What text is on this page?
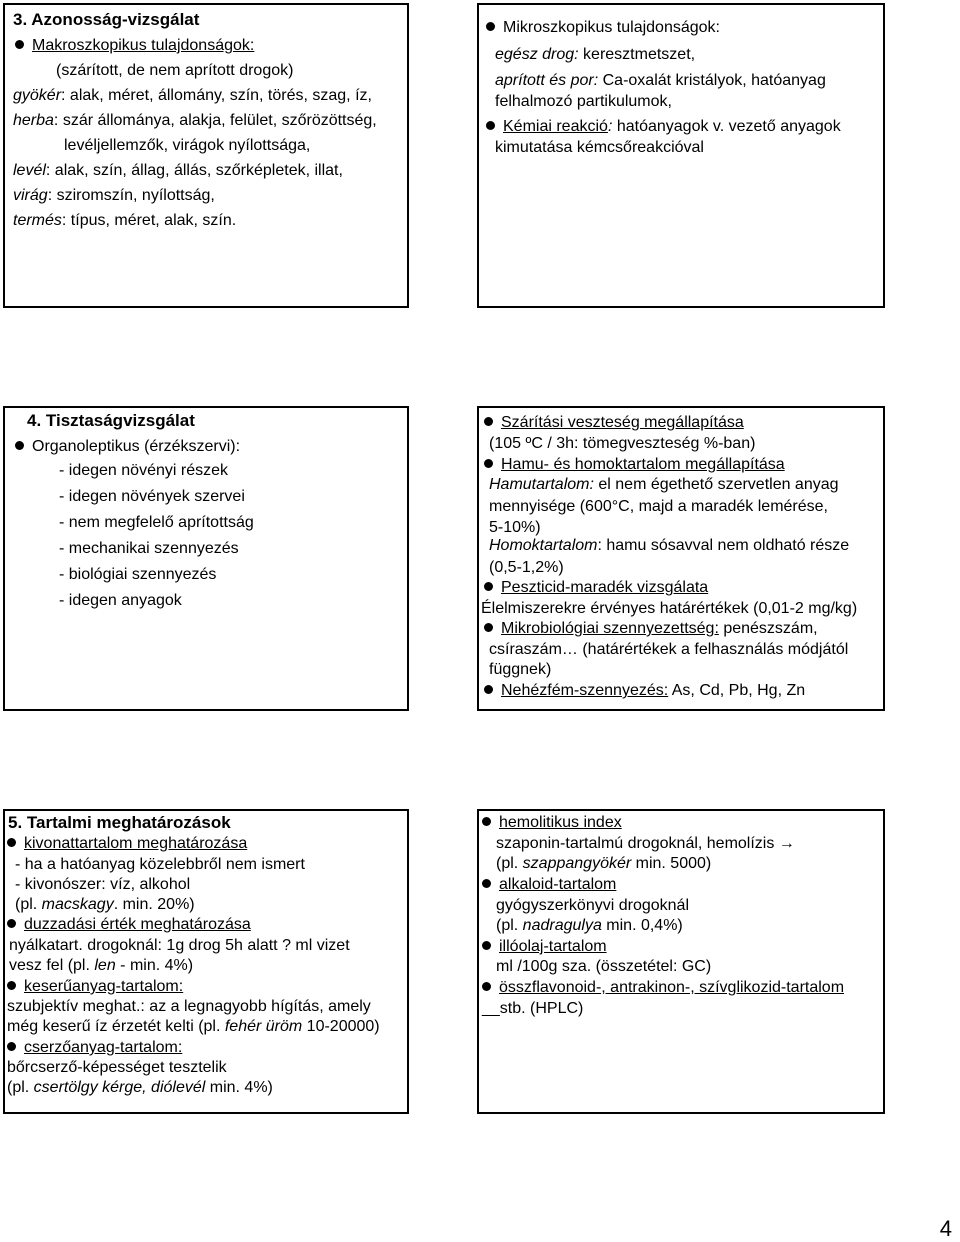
3. Azonosság-vizsgálat
Makroszkopikus tulajdonságok:
(szárított, de nem aprított drogok)
gyökér: alak, méret, állomány, szín, törés, szag, íz,
herba: szár állománya, alakja, felület, szőrözöttség,
levéljellemzők, virágok nyílottsága,
levél: alak, szín, állag, állás, szőrképletek, illat,
virág: sziromszín, nyílottság,
termés: típus, méret, alak, szín.
Mikroszkopikus tulajdonságok:
egész drog: keresztmetszet,
aprított és por: Ca-oxalát kristályok, hatóanyag
felhalmozó partikulumok,
Kémiai reakció: hatóanyagok v. vezető anyagok
kimutatása kémcsőreakcióval
4. Tisztaságvizsgálat
Organoleptikus (érzékszervi):
- idegen növényi részek
- idegen növények szervei
- nem megfelelő aprítottság
- mechanikai szennyezés
- biológiai szennyezés
- idegen anyagok
Szárítási veszteség megállapítása
(105 ºC / 3h: tömegveszteség %-ban)
Hamu- és homoktartalom megállapítása
Hamutartalom: el nem égethető szervetlen anyag
mennyisége (600°C, majd a maradék lemérése,
5-10%)
Homoktartalom: hamu sósavval nem oldható része
(0,5-1,2%)
Peszticid-maradék vizsgálata
Élelmiszerekre érvényes határértékek (0,01-2 mg/kg)
Mikrobiológiai szennyezettség: penészszám,
csíraszám… (határértékek a felhasználás módjától
függnek)
Nehézfém-szennyezés: As, Cd, Pb, Hg, Zn
5. Tartalmi meghatározások
kivonattartalom meghatározása
- ha a hatóanyag közelebbről nem ismert
- kivonószer: víz, alkohol
(pl. macskagy. min. 20%)
duzzadási érték meghatározása
nyálkatart. drogoknál: 1g drog 5h alatt ? ml vizet
vesz fel (pl. len - min. 4%)
keserűanyag-tartalom:
szubjektív meghat.: az a legnagyobb hígítás, amely
még keserű íz érzetét kelti (pl. fehér üröm 10-20000)
cserzőanyag-tartalom:
bőrcserző-képességet tesztelik
(pl. csertölgy kérge, diólevél min. 4%)
hemolitikus index
szaponin-tartalmú drogoknál, hemolízis →
(pl. szappangyökér min. 5000)
alkaloid-tartalom
gyógyszerkönyvi drogoknál
(pl. nadragulya min. 0,4%)
illóolaj-tartalom
ml /100g sza. (összetétel: GC)
összflavonoid-, antrakinon-, szívglikozid-tartalom
__stb. (HPLC)
4
